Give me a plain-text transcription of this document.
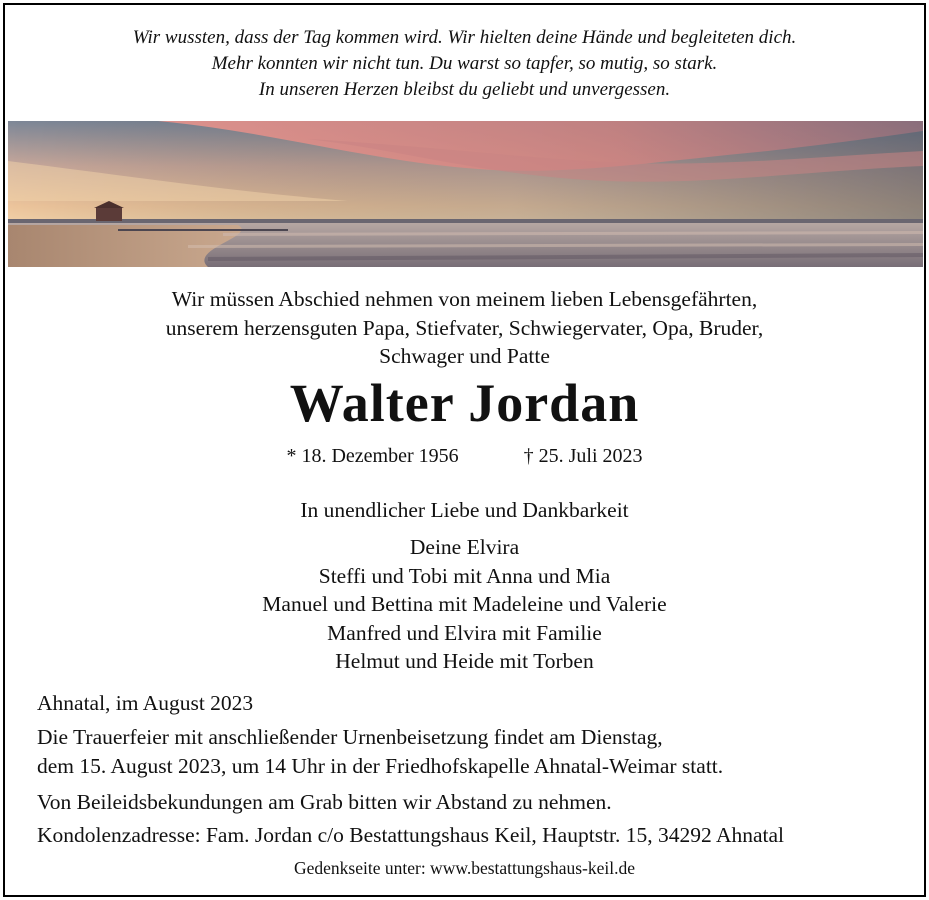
Wir wussten, dass der Tag kommen wird. Wir hielten deine Hände und begleiteten dich.
Mehr konnten wir nicht tun. Du warst so tapfer, so mutig, so stark.
In unseren Herzen bleibst du geliebt und unvergessen.
Wir müssen Abschied nehmen von meinem lieben Lebensgefährten,
unserem herzensguten Papa, Stiefvater, Schwiegervater, Opa, Bruder,
Schwager und Patte
Walter Jordan
* 18. Dezember 1956	† 25. Juli 2023
In unendlicher Liebe und Dankbarkeit
Deine Elvira
Steffi und Tobi mit Anna und Mia
Manuel und Bettina mit Madeleine und Valerie
Manfred und Elvira mit Familie
Helmut und Heide mit Torben
Ahnatal, im August 2023
Die Trauerfeier mit anschließender Urnenbeisetzung findet am Dienstag,
dem 15. August 2023, um 14 Uhr in der Friedhofskapelle Ahnatal-Weimar statt.
Von Beileidsbekundungen am Grab bitten wir Abstand zu nehmen.
Kondolenzadresse: Fam. Jordan c/o Bestattungshaus Keil, Hauptstr. 15, 34292 Ahnatal
Gedenkseite unter: www.bestattungshaus-keil.de
